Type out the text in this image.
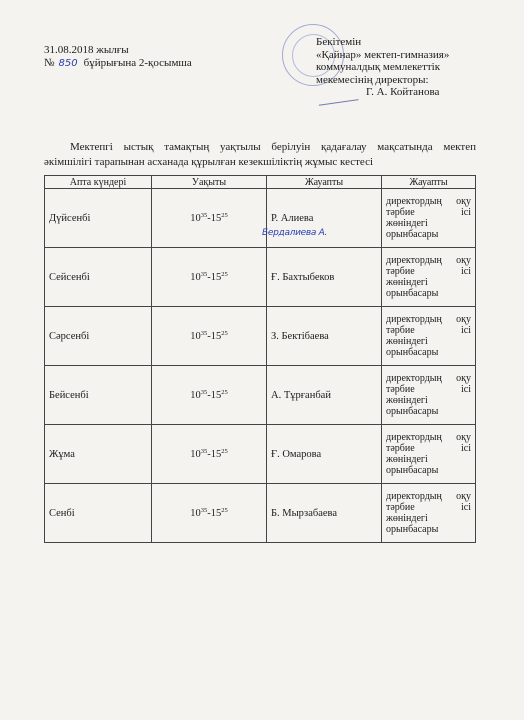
31.08.2018 жылғы
№ 850 бұйрығына 2-қосымша
Бекітемін
«Қайнар» мектеп-гимназия»
коммуналдық мемлекеттік
мекемесінің директоры:
Г. А. Койтанова
Мектепгі ыстық тамақтың уақтылы берілуін қадағалау мақсатында мектеп
әкімшілігі тарапынан асханада құрылған кезекшіліктің жұмыс кестесі
Апта күндері	Уақыты	Жауапты	Жауапты
Дүйсенбі	$10^{35}-15^{25}$	Р. Алиева	директордың оқу тәрбие ісі жөніндегі орынбасары
Сейсенбі	$10^{35}-15^{25}$	Ғ. Бахтыбеков	директордың оқу тәрбие ісі жөніндегі орынбасары
Сәрсенбі	$10^{35}-15^{25}$	З. Бектібаева	директордың оқу тәрбие ісі жөніндегі орынбасары
Бейсенбі	$10^{35}-15^{25}$	А. Тұрғанбай	директордың оқу тәрбие ісі жөніндегі орынбасары
Жұма	$10^{35}-15^{25}$	Ғ. Омарова	директордың оқу тәрбие ісі жөніндегі орынбасары
Сенбі	$10^{35}-15^{25}$	Б. Мырзабаева	директордың оқу тәрбие ісі жөніндегі орынбасары
Бердалиева А.
